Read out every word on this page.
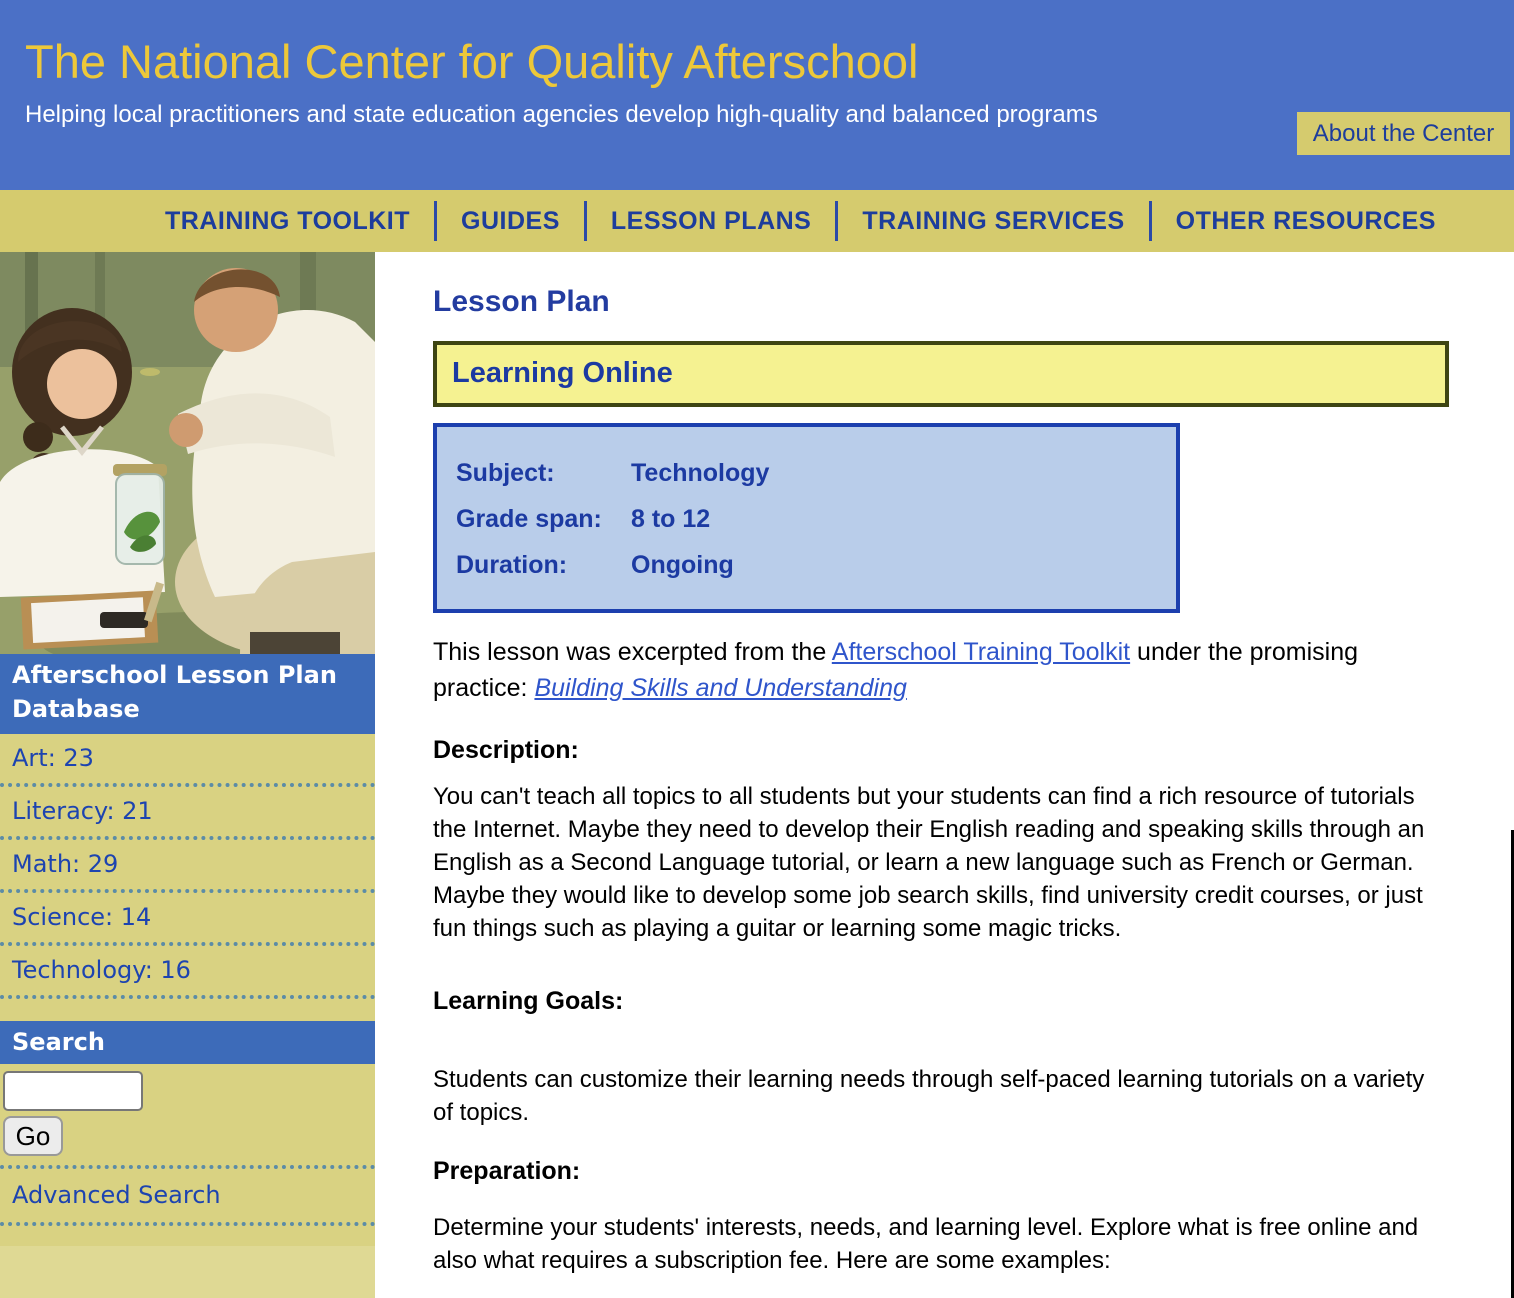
The National Center for Quality Afterschool

Helping local practitioners and state education agencies develop high-quality and balanced programs

About the Center
TRAINING TOOLKIT GUIDES LESSON PLANS TRAINING SERVICES OTHER RESOURCES
Afterschool Lesson Plan Database
Art: 23
Literacy: 21
Math: 29
Science: 14
Technology: 16
Search
Go
Advanced Search
Lesson Plan
Learning Online
Subject:	Technology
Grade span:	8 to 12
Duration:	Ongoing

This lesson was excerpted from the Afterschool Training Toolkit under the promising practice: Building Skills and Understanding

Description:

You can't teach all topics to all students but your students can find a rich resource of tutorials the Internet. Maybe they need to develop their English reading and speaking skills through an English as a Second Language tutorial, or learn a new language such as French or German. Maybe they would like to develop some job search skills, find university credit courses, or just fun things such as playing a guitar or learning some magic tricks.

Learning Goals:

Students can customize their learning needs through self-paced learning tutorials on a variety of topics.

Preparation:

Determine your students' interests, needs, and learning level. Explore what is free online and also what requires a subscription fee. Here are some examples:
